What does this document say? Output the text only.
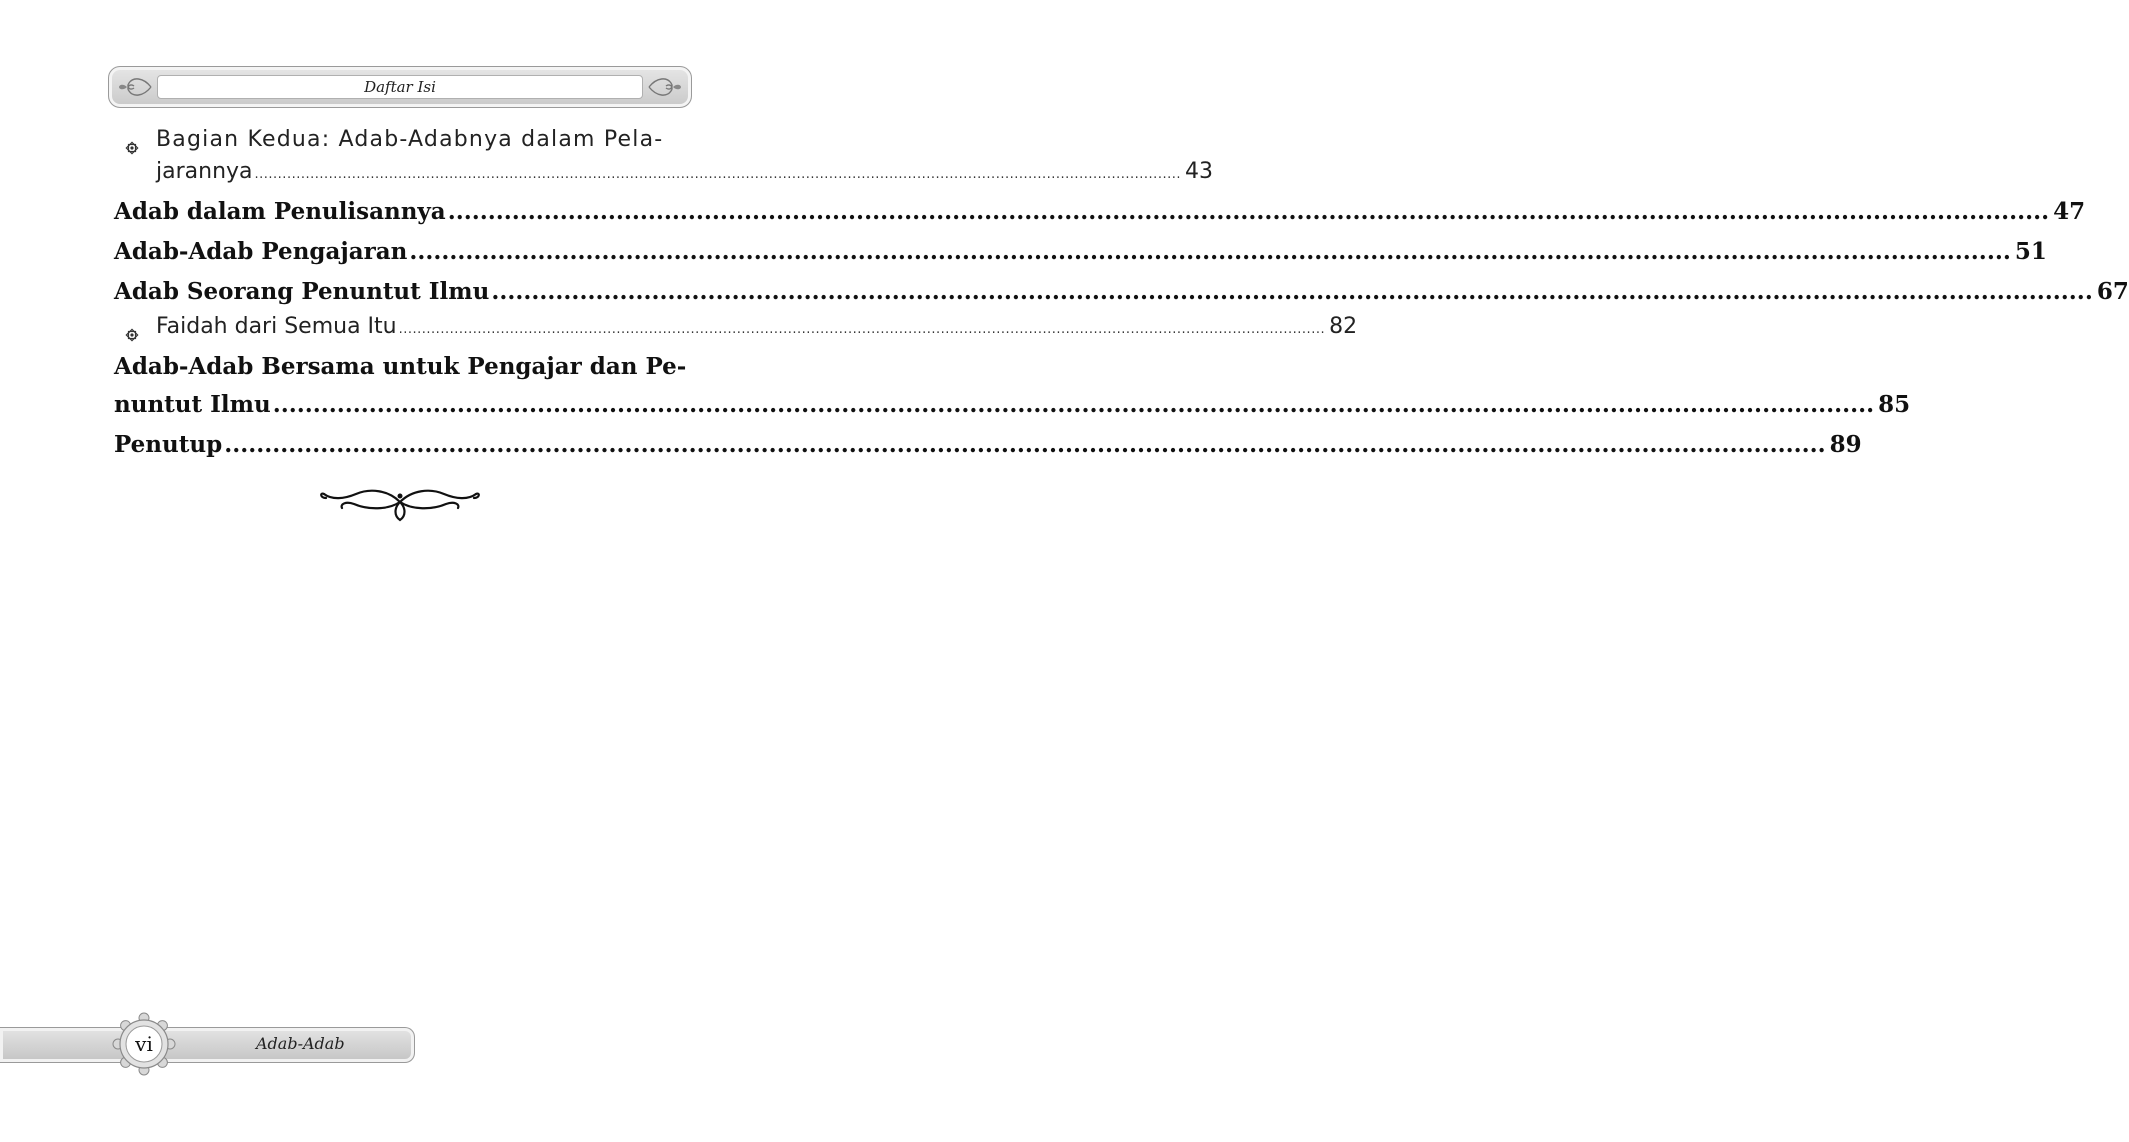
Daftar Isi
Bagian Kedua: Adab-Adabnya dalam Pela-
jarannya ........................................................................................................................................................................................................ 43
Adab dalam Penulisannya ........................................................................................................................................................................................................ 47
Adab-Adab Pengajaran ........................................................................................................................................................................................................ 51
Adab Seorang Penuntut Ilmu ........................................................................................................................................................................................................ 67
Faidah dari Semua Itu ........................................................................................................................................................................................................ 82
Adab-Adab Bersama untuk Pengajar dan Pe-
nuntut Ilmu ........................................................................................................................................................................................................ 85
Penutup ........................................................................................................................................................................................................ 89
Adab-Adab
vi
